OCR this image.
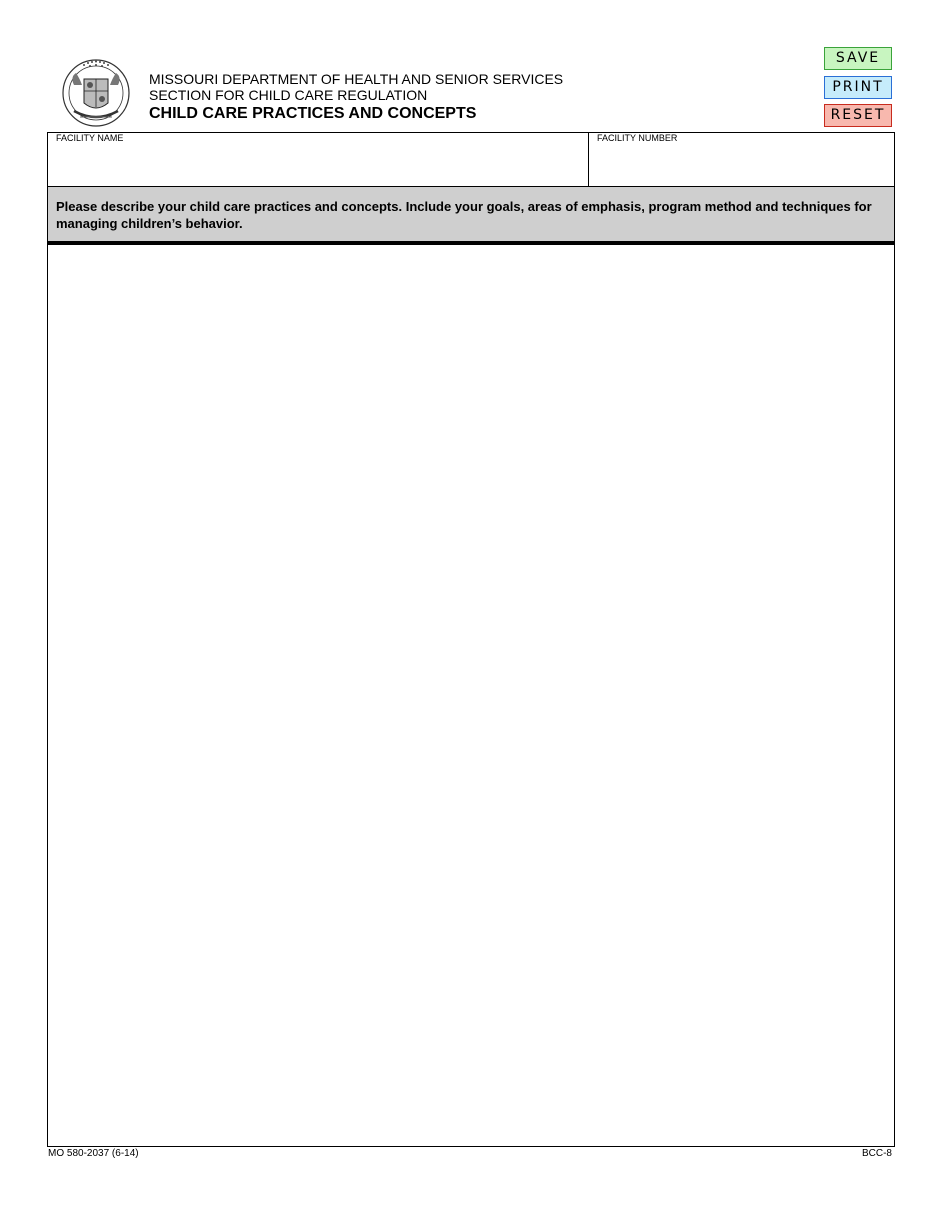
MISSOURI DEPARTMENT OF HEALTH AND SENIOR SERVICES
SECTION FOR CHILD CARE REGULATION
CHILD CARE PRACTICES AND CONCEPTS
SAVE
PRINT
RESET
FACILITY NAME	FACILITY NUMBER
Please describe your child care practices and concepts. Include your goals, areas of emphasis, program method and techniques for managing children’s behavior.
MO 580-2037 (6-14)	BCC-8
